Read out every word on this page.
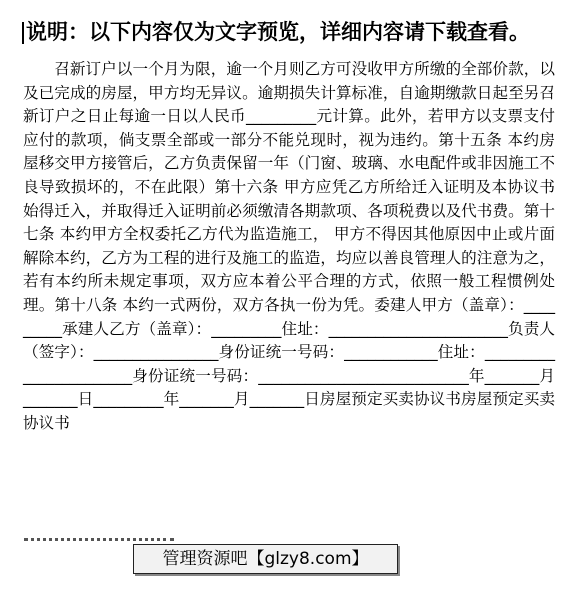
说明：以下内容仅为文字预览，详细内容请下载查看。

召新订户以一个月为限，逾一个月则乙方可没收甲方所缴的全部价款，以及已完成的房屋，甲方均无异议。逾期损失计算标准，自逾期缴款日起至另召新订户之日止每逾一日以人民币_________元计算。此外，若甲方以支票支付应付的款项，倘支票全部或一部分不能兑现时，视为违约。第十五条 本约房屋移交甲方接管后，乙方负责保留一年（门窗、玻璃、水电配件或非因施工不良导致损坏的，不在此限）第十六条 甲方应凭乙方所给迁入证明及本协议书始得迁入，并取得迁入证明前必须缴清各期款项、各项税费以及代书费。第十七条 本约甲方全权委托乙方代为监造施工， 甲方不得因其他原因中止或片面解除本约，乙方为工程的进行及施工的监造，均应以善良管理人的注意为之，若有本约所未规定事项，双方应本着公平合理的方式，依照一般工程惯例处理。第十八条 本约一式两份，双方各执一份为凭。委建人甲方（盖章）：_________承建人乙方（盖章）：_________住址：_______________________负责人（签字）：________________身份证统一号码：____________住址：_______________________身份证统一号码：___________________________年_______月_______日_________年_______月_______日房屋预定买卖协议书房屋预定买卖协议书

管理资源吧【glzy8.com】
